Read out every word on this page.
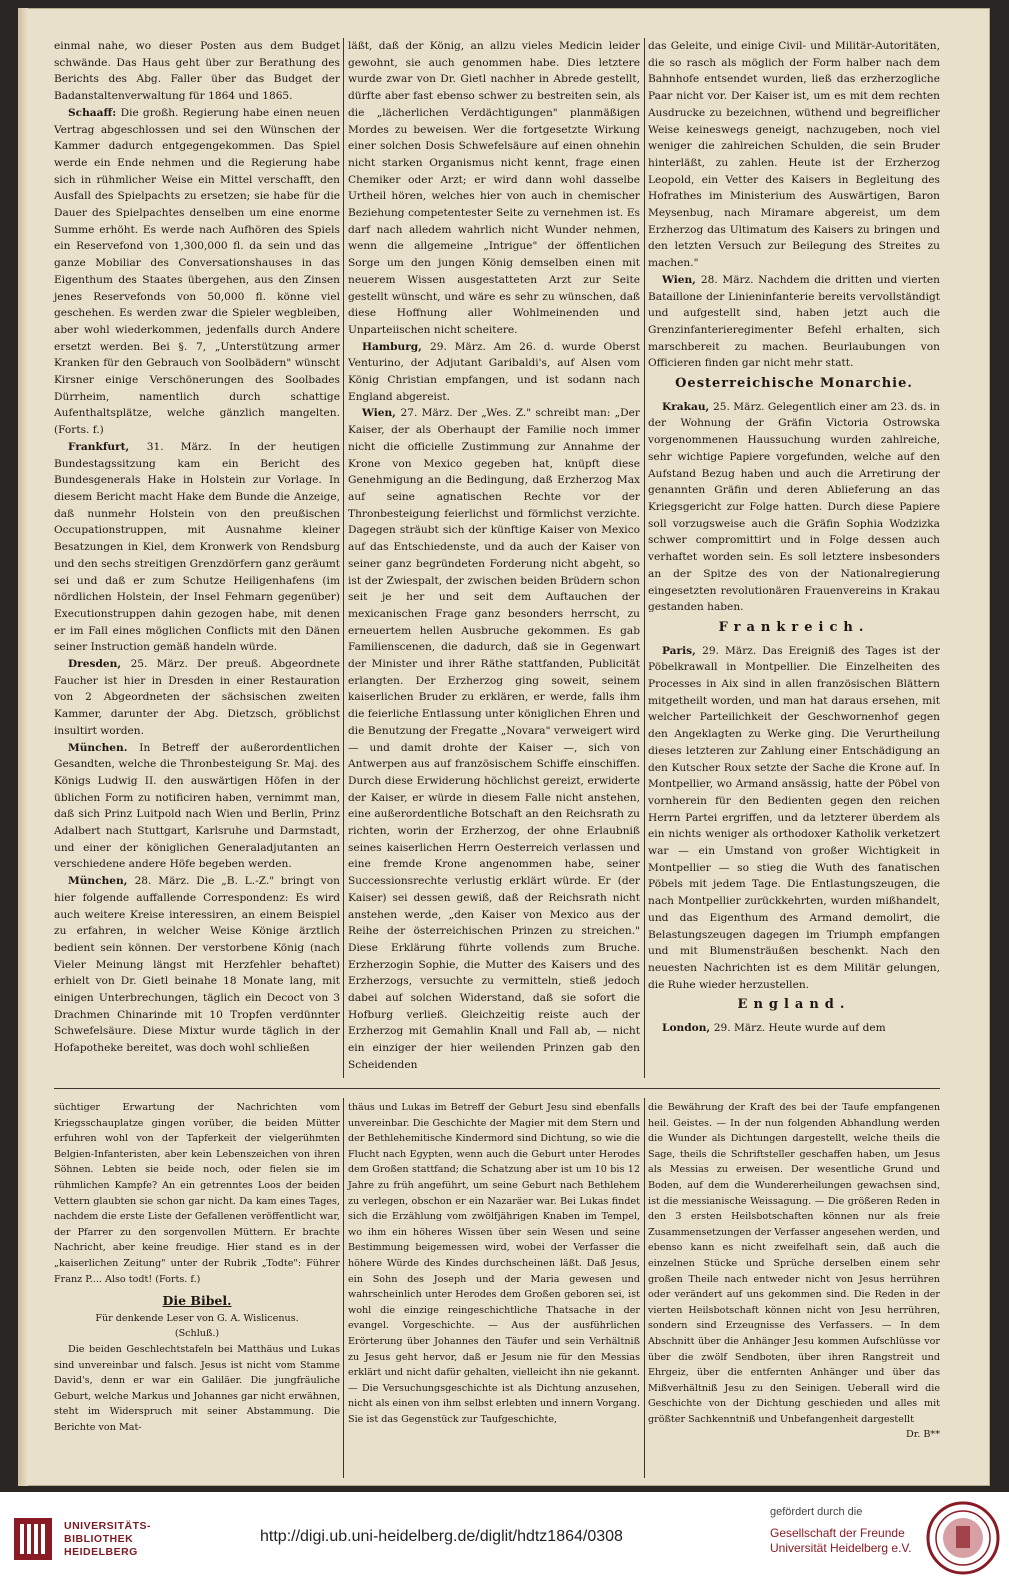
einmal nahe, wo dieser Posten aus dem Budget schwände. Das Haus geht über zur Berathung des Berichts des Abg. Faller über das Budget der Badanstaltenverwaltung für 1864 und 1865.

Schaaff: Die großh. Regierung habe einen neuen Vertrag abgeschlossen und sei den Wünschen der Kammer dadurch entgegengekommen. Das Spiel werde ein Ende nehmen und die Regierung habe sich in rühmlicher Weise ein Mittel verschafft, den Ausfall des Spielpachts zu ersetzen; sie habe für die Dauer des Spielpachtes denselben um eine enorme Summe erhöht. Es werde nach Aufhören des Spiels ein Reservefond von 1,300,000 fl. da sein und das ganze Mobiliar des Conversationshauses in das Eigenthum des Staates übergehen, aus den Zinsen jenes Reservefonds von 50,000 fl. könne viel geschehen. Es werden zwar die Spieler wegbleiben, aber wohl wiederkommen, jedenfalls durch Andere ersetzt werden. Bei §. 7, „Unterstützung armer Kranken für den Gebrauch von Soolbädern" wünscht Kirsner einige Verschönerungen des Soolbades Dürrheim, namentlich durch schattige Aufenthaltsplätze, welche gänzlich mangelten. (Forts. f.)

Frankfurt, 31. März. In der heutigen Bundestagssitzung kam ein Bericht des Bundesgenerals Hake in Holstein zur Vorlage. In diesem Bericht macht Hake dem Bunde die Anzeige, daß nunmehr Holstein von den preußischen Occupationstruppen, mit Ausnahme kleiner Besatzungen in Kiel, dem Kronwerk von Rendsburg und den sechs streitigen Grenzdörfern ganz geräumt sei und daß er zum Schutze Heiligenhafens (im nördlichen Holstein, der Insel Fehmarn gegenüber) Executionstruppen dahin gezogen habe, mit denen er im Fall eines möglichen Conflicts mit den Dänen seiner Instruction gemäß handeln würde.

Dresden, 25. März. Der preuß. Abgeordnete Faucher ist hier in Dresden in einer Restauration von 2 Abgeordneten der sächsischen zweiten Kammer, darunter der Abg. Dietzsch, gröblichst insultirt worden.

München. In Betreff der außerordentlichen Gesandten, welche die Thronbesteigung Sr. Maj. des Königs Ludwig II. den auswärtigen Höfen in der üblichen Form zu notificiren haben, vernimmt man, daß sich Prinz Luitpold nach Wien und Berlin, Prinz Adalbert nach Stuttgart, Karlsruhe und Darmstadt, und einer der königlichen Generaladjutanten an verschiedene andere Höfe begeben werden.

München, 28. März. Die „B. L.-Z." bringt von hier folgende auffallende Correspondenz: Es wird auch weitere Kreise interessiren, an einem Beispiel zu erfahren, in welcher Weise Könige ärztlich bedient sein können. Der verstorbene König (nach Vieler Meinung längst mit Herzfehler behaftet) erhielt von Dr. Gietl beinahe 18 Monate lang, mit einigen Unterbrechungen, täglich ein Decoct von 3 Drachmen Chinarinde mit 10 Tropfen verdünnter Schwefelsäure. Diese Mixtur wurde täglich in der Hofapotheke bereitet, was doch wohl schließen

läßt, daß der König, an allzu vieles Medicin leider gewohnt, sie auch genommen habe. Dies letztere wurde zwar von Dr. Gietl nachher in Abrede gestellt, dürfte aber fast ebenso schwer zu bestreiten sein, als die „lächerlichen Verdächtigungen" planmäßigen Mordes zu beweisen. Wer die fortgesetzte Wirkung einer solchen Dosis Schwefelsäure auf einen ohnehin nicht starken Organismus nicht kennt, frage einen Chemiker oder Arzt; er wird dann wohl dasselbe Urtheil hören, welches hier von auch in chemischer Beziehung competentester Seite zu vernehmen ist. Es darf nach alledem wahrlich nicht Wunder nehmen, wenn die allgemeine „Intrigue" der öffentlichen Sorge um den jungen König demselben einen mit neuerem Wissen ausgestatteten Arzt zur Seite gestellt wünscht, und wäre es sehr zu wünschen, daß diese Hoffnung aller Wohlmeinenden und Unparteiischen nicht scheitere.

Hamburg, 29. März. Am 26. d. wurde Oberst Venturino, der Adjutant Garibaldi's, auf Alsen vom König Christian empfangen, und ist sodann nach England abgereist.

Wien, 27. März. Der „Wes. Z." schreibt man: „Der Kaiser, der als Oberhaupt der Familie noch immer nicht die officielle Zustimmung zur Annahme der Krone von Mexico gegeben hat, knüpft diese Genehmigung an die Bedingung, daß Erzherzog Max auf seine agnatischen Rechte vor der Thronbesteigung feierlichst und förmlichst verzichte. Dagegen sträubt sich der künftige Kaiser von Mexico auf das Entschiedenste, und da auch der Kaiser von seiner ganz begründeten Forderung nicht abgeht, so ist der Zwiespalt, der zwischen beiden Brüdern schon seit je her und seit dem Auftauchen der mexicanischen Frage ganz besonders herrscht, zu erneuertem hellen Ausbruche gekommen. Es gab Familienscenen, die dadurch, daß sie in Gegenwart der Minister und ihrer Räthe stattfanden, Publicität erlangten. Der Erzherzog ging soweit, seinem kaiserlichen Bruder zu erklären, er werde, falls ihm die feierliche Entlassung unter königlichen Ehren und die Benutzung der Fregatte „Novara" verweigert wird — und damit drohte der Kaiser —, sich von Antwerpen aus auf französischem Schiffe einschiffen. Durch diese Erwiderung höchlichst gereizt, erwiderte der Kaiser, er würde in diesem Falle nicht anstehen, eine außerordentliche Botschaft an den Reichsrath zu richten, worin der Erzherzog, der ohne Erlaubniß seines kaiserlichen Herrn Oesterreich verlassen und eine fremde Krone angenommen habe, seiner Successionsrechte verlustig erklärt würde. Er (der Kaiser) sei dessen gewiß, daß der Reichsrath nicht anstehen werde, „den Kaiser von Mexico aus der Reihe der österreichischen Prinzen zu streichen." Diese Erklärung führte vollends zum Bruche. Erzherzogin Sophie, die Mutter des Kaisers und des Erzherzogs, versuchte zu vermitteln, stieß jedoch dabei auf solchen Widerstand, daß sie sofort die Hofburg verließ. Gleichzeitig reiste auch der Erzherzog mit Gemahlin Knall und Fall ab, — nicht ein einziger der hier weilenden Prinzen gab den Scheidenden

das Geleite, und einige Civil- und Militär-Autoritäten, die so rasch als möglich der Form halber nach dem Bahnhofe entsendet wurden, ließ das erzherzogliche Paar nicht vor. Der Kaiser ist, um es mit dem rechten Ausdrucke zu bezeichnen, wüthend und begreiflicher Weise keineswegs geneigt, nachzugeben, noch viel weniger die zahlreichen Schulden, die sein Bruder hinterläßt, zu zahlen. Heute ist der Erzherzog Leopold, ein Vetter des Kaisers in Begleitung des Hofrathes im Ministerium des Auswärtigen, Baron Meysenbug, nach Miramare abgereist, um dem Erzherzog das Ultimatum des Kaisers zu bringen und den letzten Versuch zur Beilegung des Streites zu machen."

Wien, 28. März. Nachdem die dritten und vierten Bataillone der Linieninfanterie bereits vervollständigt und aufgestellt sind, haben jetzt auch die Grenzinfanterieregimenter Befehl erhalten, sich marschbereit zu machen. Beurlaubungen von Officieren finden gar nicht mehr statt.

Oesterreichische Monarchie.

Krakau, 25. März. Gelegentlich einer am 23. ds. in der Wohnung der Gräfin Victoria Ostrowska vorgenommenen Haussuchung wurden zahlreiche, sehr wichtige Papiere vorgefunden, welche auf den Aufstand Bezug haben und auch die Arretirung der genannten Gräfin und deren Ablieferung an das Kriegsgericht zur Folge hatten. Durch diese Papiere soll vorzugsweise auch die Gräfin Sophia Wodzizka schwer compromittirt und in Folge dessen auch verhaftet worden sein. Es soll letztere insbesonders an der Spitze des von der Nationalregierung eingesetzten revolutionären Frauenvereins in Krakau gestanden haben.

Frankreich.

Paris, 29. März. Das Ereigniß des Tages ist der Pöbelkrawall in Montpellier. Die Einzelheiten des Processes in Aix sind in allen französischen Blättern mitgetheilt worden, und man hat daraus ersehen, mit welcher Parteilichkeit der Geschwornenhof gegen den Angeklagten zu Werke ging. Die Verurtheilung dieses letzteren zur Zahlung einer Entschädigung an den Kutscher Roux setzte der Sache die Krone auf. In Montpellier, wo Armand ansässig, hatte der Pöbel von vornherein für den Bedienten gegen den reichen Herrn Partei ergriffen, und da letzterer überdem als ein nichts weniger als orthodoxer Katholik verketzert war — ein Umstand von großer Wichtigkeit in Montpellier — so stieg die Wuth des fanatischen Pöbels mit jedem Tage. Die Entlastungszeugen, die nach Montpellier zurückkehrten, wurden mißhandelt, und das Eigenthum des Armand demolirt, die Belastungszeugen dagegen im Triumph empfangen und mit Blumensträußen beschenkt. Nach den neuesten Nachrichten ist es dem Militär gelungen, die Ruhe wieder herzustellen.

England.

London, 29. März. Heute wurde auf dem

süchtiger Erwartung der Nachrichten vom Kriegsschauplatze gingen vorüber, die beiden Mütter erfuhren wohl von der Tapferkeit der vielgerühmten Belgien-Infanteristen, aber kein Lebenszeichen von ihren Söhnen. Lebten sie beide noch, oder fielen sie im rühmlichen Kampfe? An ein getrenntes Loos der beiden Vettern glaubten sie schon gar nicht. Da kam eines Tages, nachdem die erste Liste der Gefallenen veröffentlicht war, der Pfarrer zu den sorgenvollen Müttern. Er brachte Nachricht, aber keine freudige. Hier stand es in der „kaiserlichen Zeitung" unter der Rubrik „Todte": Führer Franz P.... Also todt! (Forts. f.)

Die Bibel.

Für denkende Leser von G. A. Wislicenus.

(Schluß.)

Die beiden Geschlechtstafeln bei Matthäus und Lukas sind unvereinbar und falsch. Jesus ist nicht vom Stamme David's, denn er war ein Galiläer. Die jungfräuliche Geburt, welche Markus und Johannes gar nicht erwähnen, steht im Widerspruch mit seiner Abstammung. Die Berichte von Mat-

thäus und Lukas im Betreff der Geburt Jesu sind ebenfalls unvereinbar. Die Geschichte der Magier mit dem Stern und der Bethlehemitische Kindermord sind Dichtung, so wie die Flucht nach Egypten, wenn auch die Geburt unter Herodes dem Großen stattfand; die Schatzung aber ist um 10 bis 12 Jahre zu früh angeführt, um seine Geburt nach Bethlehem zu verlegen, obschon er ein Nazaräer war. Bei Lukas findet sich die Erzählung vom zwölfjährigen Knaben im Tempel, wo ihm ein höheres Wissen über sein Wesen und seine Bestimmung beigemessen wird, wobei der Verfasser die höhere Würde des Kindes durchscheinen läßt. Daß Jesus, ein Sohn des Joseph und der Maria gewesen und wahrscheinlich unter Herodes dem Großen geboren sei, ist wohl die einzige reingeschichtliche Thatsache in der evangel. Vorgeschichte. — Aus der ausführlichen Erörterung über Johannes den Täufer und sein Verhältniß zu Jesus geht hervor, daß er Jesum nie für den Messias erklärt und nicht dafür gehalten, vielleicht ihn nie gekannt. — Die Versuchungsgeschichte ist als Dichtung anzusehen, nicht als einen von ihm selbst erlebten und innern Vorgang. Sie ist das Gegenstück zur Taufgeschichte,

die Bewährung der Kraft des bei der Taufe empfangenen heil. Geistes. — In der nun folgenden Abhandlung werden die Wunder als Dichtungen dargestellt, welche theils die Sage, theils die Schriftsteller geschaffen haben, um Jesus als Messias zu erweisen. Der wesentliche Grund und Boden, auf dem die Wundererheilungen gewachsen sind, ist die messianische Weissagung. — Die größeren Reden in den 3 ersten Heilsbotschaften können nur als freie Zusammensetzungen der Verfasser angesehen werden, und ebenso kann es nicht zweifelhaft sein, daß auch die einzelnen Stücke und Sprüche derselben einem sehr großen Theile nach entweder nicht von Jesus herrühren oder verändert auf uns gekommen sind. Die Reden in der vierten Heilsbotschaft können nicht von Jesu herrühren, sondern sind Erzeugnisse des Verfassers. — In dem Abschnitt über die Anhänger Jesu kommen Aufschlüsse vor über die zwölf Sendboten, über ihren Rangstreit und Ehrgeiz, über die entfernten Anhänger und über das Mißverhältniß Jesu zu den Seinigen. Ueberall wird die Geschichte von der Dichtung geschieden und alles mit größter Sachkenntniß und Unbefangenheit dargestellt

Dr. B**

UNIVERSITÄTS-
BIBLIOTHEK
HEIDELBERG
http://digi.ub.uni-heidelberg.de/diglit/hdtz1864/0308
gefördert durch die
Gesellschaft der Freunde
Universität Heidelberg e.V.
